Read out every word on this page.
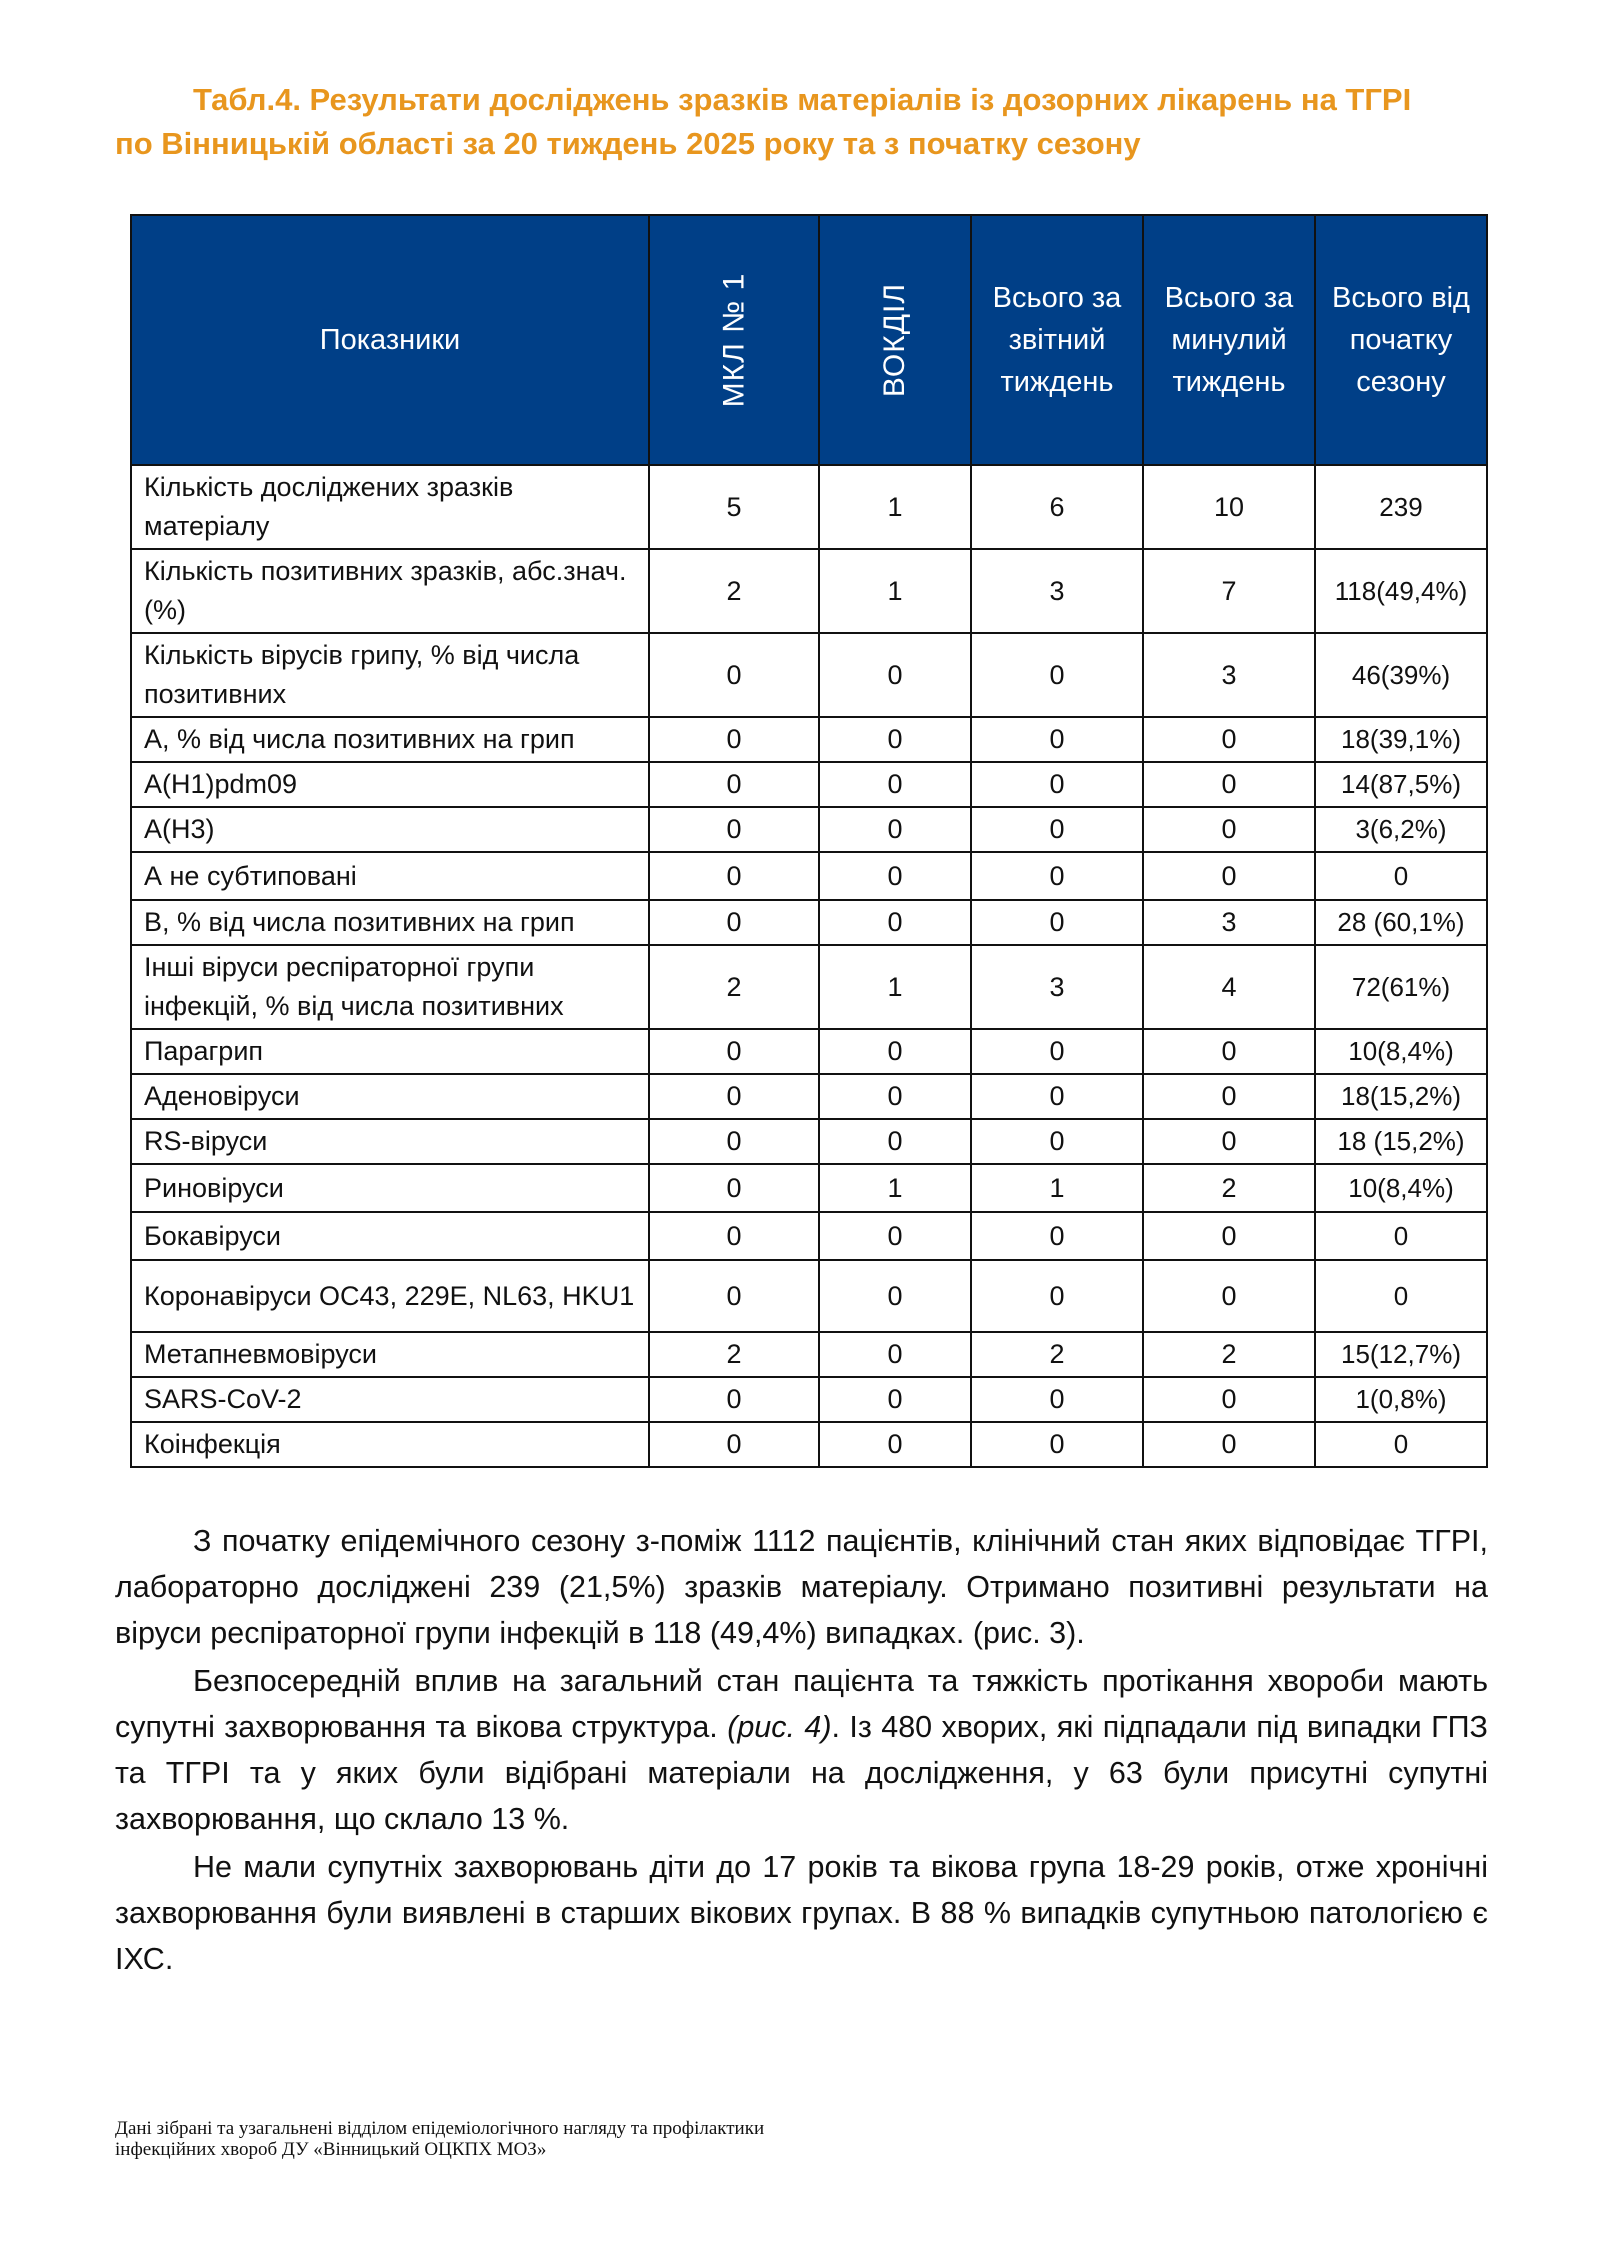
Табл.4. Результати досліджень зразків матеріалів із дозорних лікарень на ТГРІ
по Вінницькій області за 20 тиждень 2025 року та з початку сезону
Показники	МКЛ № 1	ВОКДІЛ	Всього за звітний тиждень	Всього за минулий тиждень	Всього від початку сезону
Кількість досліджених зразків матеріалу	5	1	6	10	239
Кількість позитивних зразків, абс.знач. (%)	2	1	3	7	118(49,4%)
Кількість вірусів грипу, % від числа позитивних	0	0	0	3	46(39%)
А, % від числа позитивних на грип	0	0	0	0	18(39,1%)
A(H1)pdm09	0	0	0	0	14(87,5%)
A(H3)	0	0	0	0	3(6,2%)
А не субтиповані	0	0	0	0	0
В, % від числа позитивних на грип	0	0	0	3	28 (60,1%)
Інші віруси респіраторної групи інфекцій, % від числа позитивних	2	1	3	4	72(61%)
Парагрип	0	0	0	0	10(8,4%)
Аденовіруси	0	0	0	0	18(15,2%)
RS-віруси	0	0	0	0	18 (15,2%)
Риновіруси	0	1	1	2	10(8,4%)
Бокавіруси	0	0	0	0	0
Коронавіруси OC43, 229E, NL63, HKU1	0	0	0	0	0
Метапневмовіруси	2	0	2	2	15(12,7%)
SARS-CoV-2	0	0	0	0	1(0,8%)
Коінфекція	0	0	0	0	0

З початку епідемічного сезону з-поміж 1112 пацієнтів, клінічний стан яких відповідає ТГРІ, лабораторно досліджені 239 (21,5%) зразків матеріалу. Отримано позитивні результати на віруси респіраторної групи інфекцій в 118 (49,4%) випадках. (рис. 3).

Безпосередній вплив на загальний стан пацієнта та тяжкість протікання хвороби мають супутні захворювання та вікова структура. (рис. 4). Із 480 хворих, які підпадали під випадки ГПЗ та ТГРІ та у яких були відібрані матеріали на дослідження, у 63 були присутні супутні захворювання, що склало 13 %.

Не мали супутніх захворювань діти до 17 років та вікова група 18-29 років, отже хронічні захворювання були виявлені в старших вікових групах. В 88 % випадків супутньою патологією є ІХС.

Дані зібрані та узагальнені відділом епідеміологічного нагляду та профілактики
інфекційних хвороб ДУ «Вінницький ОЦКПХ МОЗ»
